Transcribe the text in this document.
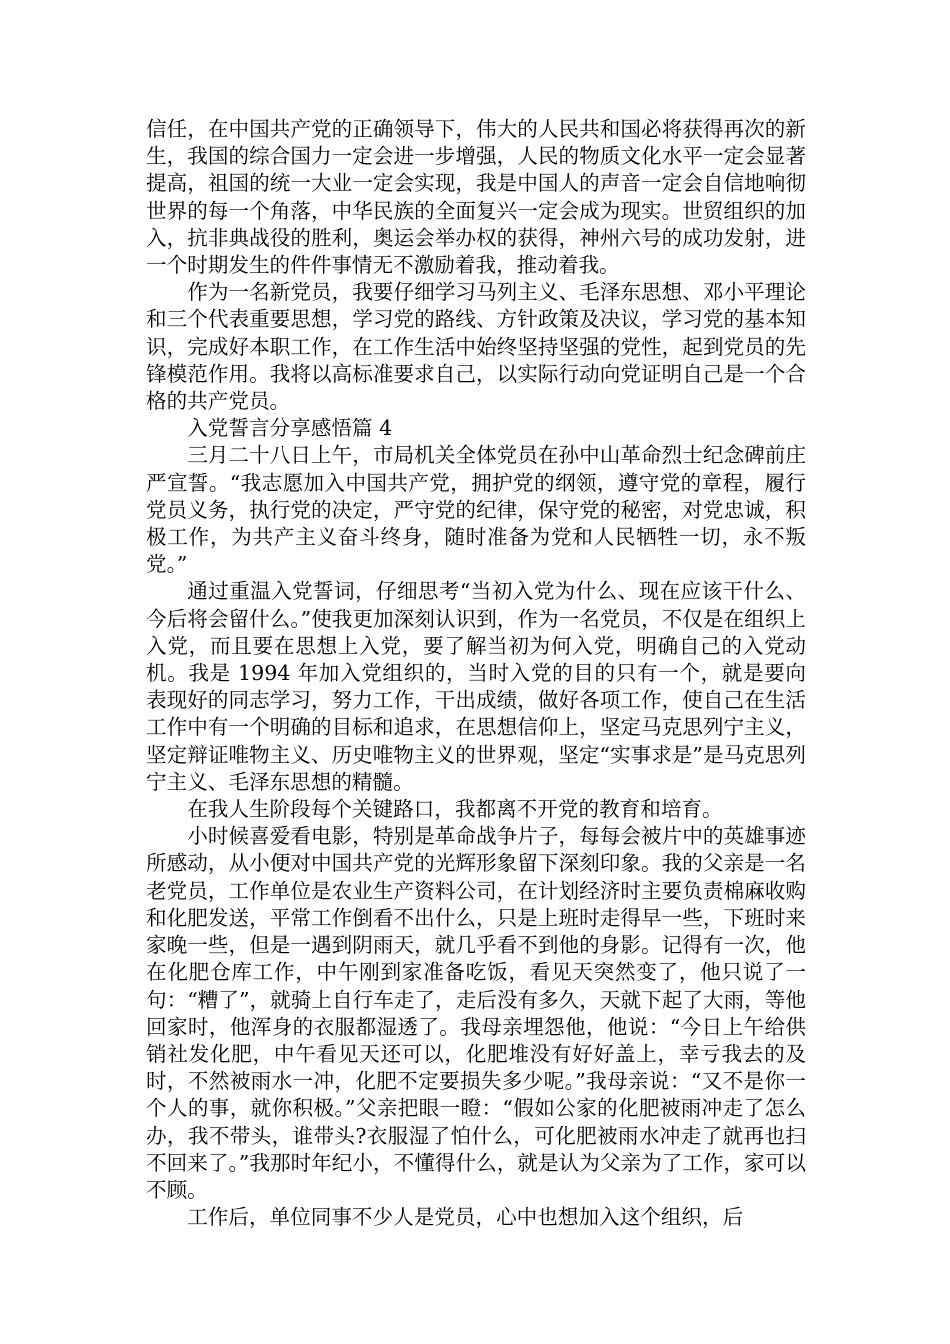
信任，在中国共产党的正确领导下，伟大的人民共和国必将获得再次的新生，我国的综合国力一定会进一步增强，人民的物质文化水平一定会显著提高，祖国的统一大业一定会实现，我是中国人的声音一定会自信地响彻世界的每一个角落，中华民族的全面复兴一定会成为现实。世贸组织的加入，抗非典战役的胜利，奥运会举办权的获得，神州六号的成功发射，进一个时期发生的件件事情无不激励着我，推动着我。

作为一名新党员，我要仔细学习马列主义、毛泽东思想、邓小平理论和三个代表重要思想，学习党的路线、方针政策及决议，学习党的基本知识，完成好本职工作，在工作生活中始终坚持坚强的党性，起到党员的先锋模范作用。我将以高标准要求自己，以实际行动向党证明自己是一个合格的共产党员。

入党誓言分享感悟篇 4

三月二十八日上午，市局机关全体党员在孙中山革命烈士纪念碑前庄严宣誓。“我志愿加入中国共产党，拥护党的纲领，遵守党的章程，履行党员义务，执行党的决定，严守党的纪律，保守党的秘密，对党忠诚，积极工作，为共产主义奋斗终身，随时准备为党和人民牺牲一切，永不叛党。”

通过重温入党誓词，仔细思考“当初入党为什么、现在应该干什么、今后将会留什么。”使我更加深刻认识到，作为一名党员，不仅是在组织上入党，而且要在思想上入党，要了解当初为何入党，明确自己的入党动机。我是 1994 年加入党组织的，当时入党的目的只有一个，就是要向表现好的同志学习，努力工作，干出成绩，做好各项工作，使自己在生活工作中有一个明确的目标和追求，在思想信仰上，坚定马克思列宁主义，坚定辩证唯物主义、历史唯物主义的世界观，坚定“实事求是”是马克思列宁主义、毛泽东思想的精髓。

在我人生阶段每个关键路口，我都离不开党的教育和培育。

小时候喜爱看电影，特别是革命战争片子，每每会被片中的英雄事迹所感动，从小便对中国共产党的光辉形象留下深刻印象。我的父亲是一名老党员，工作单位是农业生产资料公司，在计划经济时主要负责棉麻收购和化肥发送，平常工作倒看不出什么，只是上班时走得早一些，下班时来家晚一些，但是一遇到阴雨天，就几乎看不到他的身影。记得有一次，他在化肥仓库工作，中午刚到家准备吃饭，看见天突然变了，他只说了一句：“糟了”，就骑上自行车走了，走后没有多久，天就下起了大雨，等他回家时，他浑身的衣服都湿透了。我母亲埋怨他，他说：“今日上午给供销社发化肥，中午看见天还可以，化肥堆没有好好盖上，幸亏我去的及时，不然被雨水一冲，化肥不定要损失多少呢。”我母亲说：“又不是你一个人的事，就你积极。”父亲把眼一瞪：“假如公家的化肥被雨冲走了怎么办，我不带头，谁带头?衣服湿了怕什么，可化肥被雨水冲走了就再也扫不回来了。”我那时年纪小，不懂得什么，就是认为父亲为了工作，家可以不顾。

工作后，单位同事不少人是党员，心中也想加入这个组织，后
